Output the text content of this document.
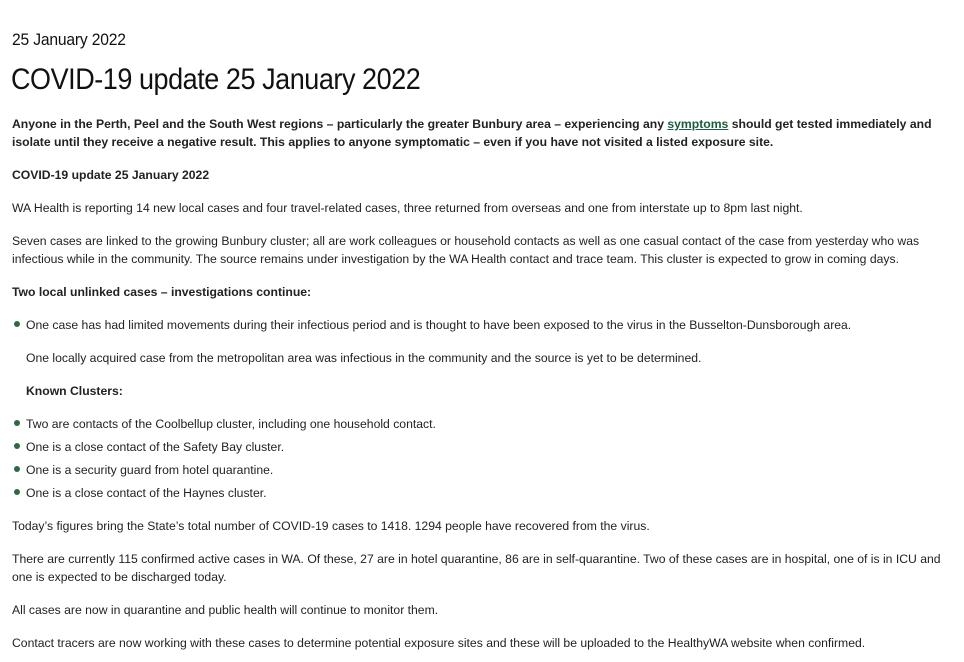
25 January 2022
COVID-19 update 25 January 2022

Anyone in the Perth, Peel and the South West regions – particularly the greater Bunbury area – experiencing any symptoms should get tested immediately and isolate until they receive a negative result. This applies to anyone symptomatic – even if you have not visited a listed exposure site.

COVID-19 update 25 January 2022

WA Health is reporting 14 new local cases and four travel-related cases, three returned from overseas and one from interstate up to 8pm last night.

Seven cases are linked to the growing Bunbury cluster; all are work colleagues or household contacts as well as one casual contact of the case from yesterday who was infectious while in the community. The source remains under investigation by the WA Health contact and trace team. This cluster is expected to grow in coming days.

Two local unlinked cases – investigations continue:

One case has had limited movements during their infectious period and is thought to have been exposed to the virus in the Busselton-Dunsborough area.
One locally acquired case from the metropolitan area was infectious in the community and the source is yet to be determined.
Known Clusters:
Two are contacts of the Coolbellup cluster, including one household contact.
One is a close contact of the Safety Bay cluster.
One is a security guard from hotel quarantine.
One is a close contact of the Haynes cluster.

Today’s figures bring the State’s total number of COVID-19 cases to 1418. 1294 people have recovered from the virus.

There are currently 115 confirmed active cases in WA. Of these, 27 are in hotel quarantine, 86 are in self-quarantine. Two of these cases are in hospital, one of is in ICU and one is expected to be discharged today.

All cases are now in quarantine and public health will continue to monitor them.

Contact tracers are now working with these cases to determine potential exposure sites and these will be uploaded to the HealthyWA website when confirmed.
